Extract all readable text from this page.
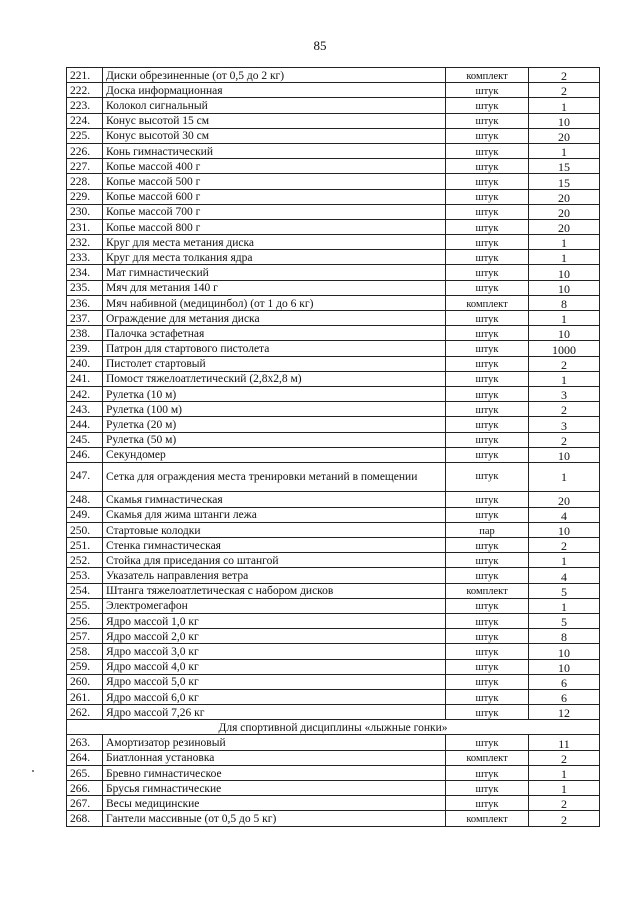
85
221.	Диски обрезиненные (от 0,5 до 2 кг)	комплект	2
222.	Доска информационная	штук	2
223.	Колокол сигнальный	штук	1
224.	Конус высотой 15 см	штук	10
225.	Конус высотой 30 см	штук	20
226.	Конь гимнастический	штук	1
227.	Копье массой 400 г	штук	15
228.	Копье массой 500 г	штук	15
229.	Копье массой 600 г	штук	20
230.	Копье массой 700 г	штук	20
231.	Копье массой 800 г	штук	20
232.	Круг для места метания диска	штук	1
233.	Круг для места толкания ядра	штук	1
234.	Мат гимнастический	штук	10
235.	Мяч для метания 140 г	штук	10
236.	Мяч набивной (медицинбол) (от 1 до 6 кг)	комплект	8
237.	Ограждение для метания диска	штук	1
238.	Палочка эстафетная	штук	10
239.	Патрон для стартового пистолета	штук	1000
240.	Пистолет стартовый	штук	2
241.	Помост тяжелоатлетический (2,8х2,8 м)	штук	1
242.	Рулетка (10 м)	штук	3
243.	Рулетка (100 м)	штук	2
244.	Рулетка (20 м)	штук	3
245.	Рулетка (50 м)	штук	2
246.	Секундомер	штук	10
247.	Сетка для ограждения места тренировки метаний в помещении	штук	1
248.	Скамья гимнастическая	штук	20
249.	Скамья для жима штанги лежа	штук	4
250.	Стартовые колодки	пар	10
251.	Стенка гимнастическая	штук	2
252.	Стойка для приседания со штангой	штук	1
253.	Указатель направления ветра	штук	4
254.	Штанга тяжелоатлетическая с набором дисков	комплект	5
255.	Электромегафон	штук	1
256.	Ядро массой 1,0 кг	штук	5
257.	Ядро массой 2,0 кг	штук	8
258.	Ядро массой 3,0 кг	штук	10
259.	Ядро массой 4,0 кг	штук	10
260.	Ядро массой 5,0 кг	штук	6
261.	Ядро массой 6,0 кг	штук	6
262.	Ядро массой 7,26 кг	штук	12
Для спортивной дисциплины «лыжные гонки»			
263.	Амортизатор резиновый	штук	11
264.	Биатлонная установка	комплект	2
265.	Бревно гимнастическое	штук	1
266.	Брусья гимнастические	штук	1
267.	Весы медицинские	штук	2
268.	Гантели массивные (от 0,5 до 5 кг)	комплект	2
